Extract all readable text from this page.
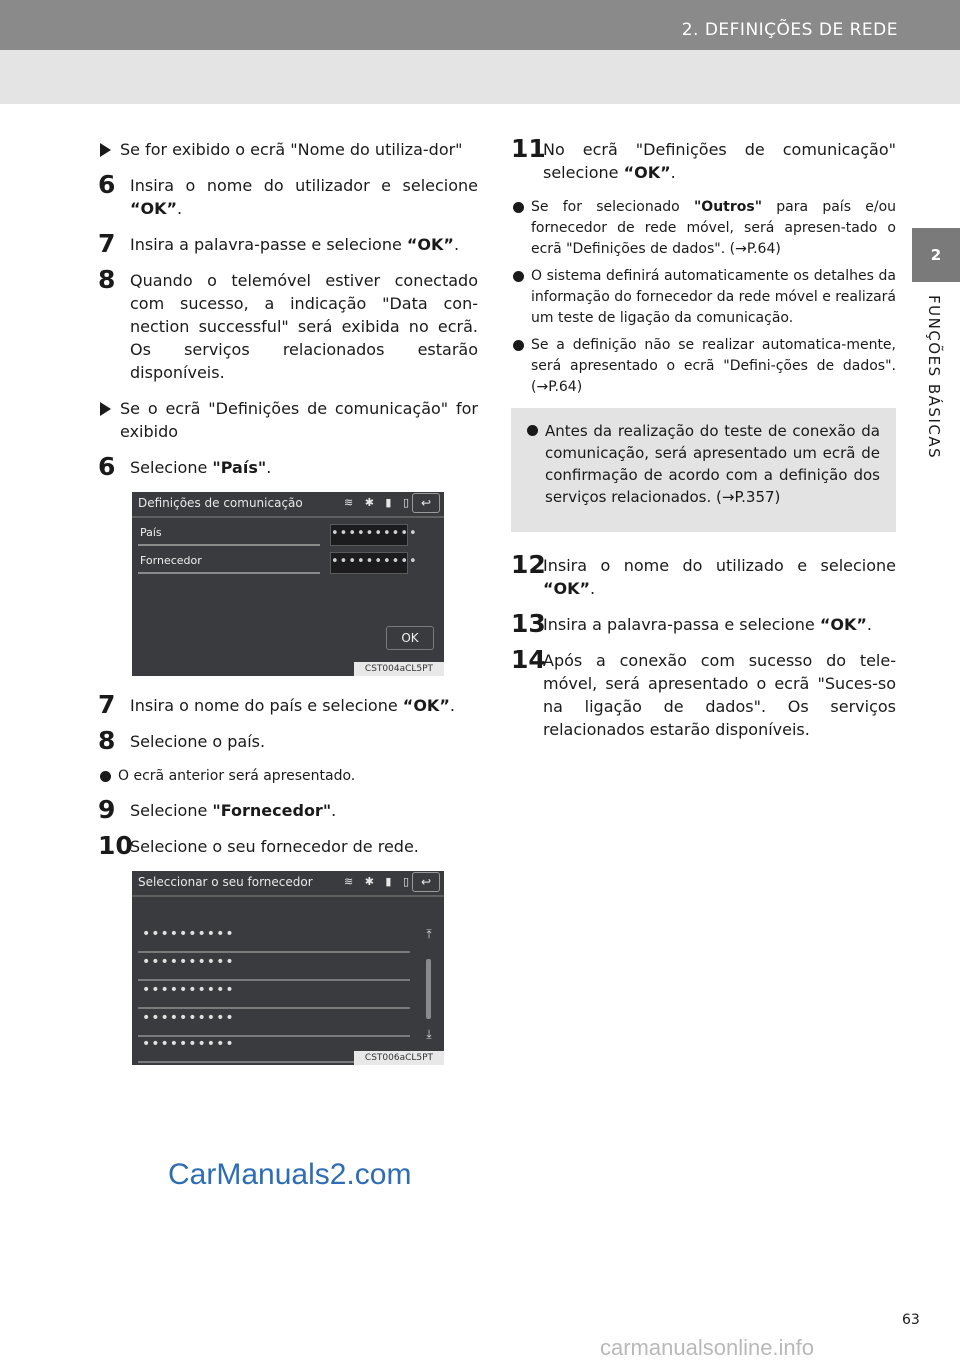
2. DEFINIÇÕES DE REDE
2
FUNÇÕES BÁSICAS
Se for exibido o ecrã "Nome do utiliza-dor"
6 Insira o nome do utilizador e selecione “OK”.
7 Insira a palavra-passe e selecione “OK”.
8 Quando o telemóvel estiver conectado com sucesso, a indicação "Data con-nection successful" será exibida no ecrã. Os serviços relacionados estarão disponíveis.
Se o ecrã "Definições de comunicação" for exibido
6 Selecione "País".
Definições de comunicação	≋ ✱ ▮ ▯ ↩
País	••••••••••
Fornecedor	••••••••••
OK
CST004aCL5PT
7 Insira o nome do país e selecione “OK”.
8 Selecione o país.
O ecrã anterior será apresentado.
9 Selecione "Fornecedor".
10
Selecione o seu fornecedor de rede.
Seleccionar o seu fornecedor	≋ ✱ ▮ ▯ ↩
••••••••••
••••••••••
••••••••••
••••••••••
••••••••••
⤒
⤓
CST006aCL5PT
11
No ecrã "Definições de comunicação" selecione “OK”.
Se for selecionado "Outros" para país e/ou fornecedor de rede móvel, será apresen-tado o ecrã "Definições de dados". (→P.64)
O sistema definirá automaticamente os detalhes da informação do fornecedor da rede móvel e realizará um teste de ligação da comunicação.
Se a definição não se realizar automatica-mente, será apresentado o ecrã "Defini-ções de dados". (→P.64)
Antes da realização do teste de conexão da comunicação, será apresentado um ecrã de confirmação de acordo com a definição dos serviços relacionados. (→P.357)
12
Insira o nome do utilizado e selecione “OK”.
13
Insira a palavra-passa e selecione “OK”.
14
Após a conexão com sucesso do tele-móvel, será apresentado o ecrã "Suces-so na ligação de dados". Os serviços relacionados estarão disponíveis.
CarManuals2.com
63
carmanualsonline.info
